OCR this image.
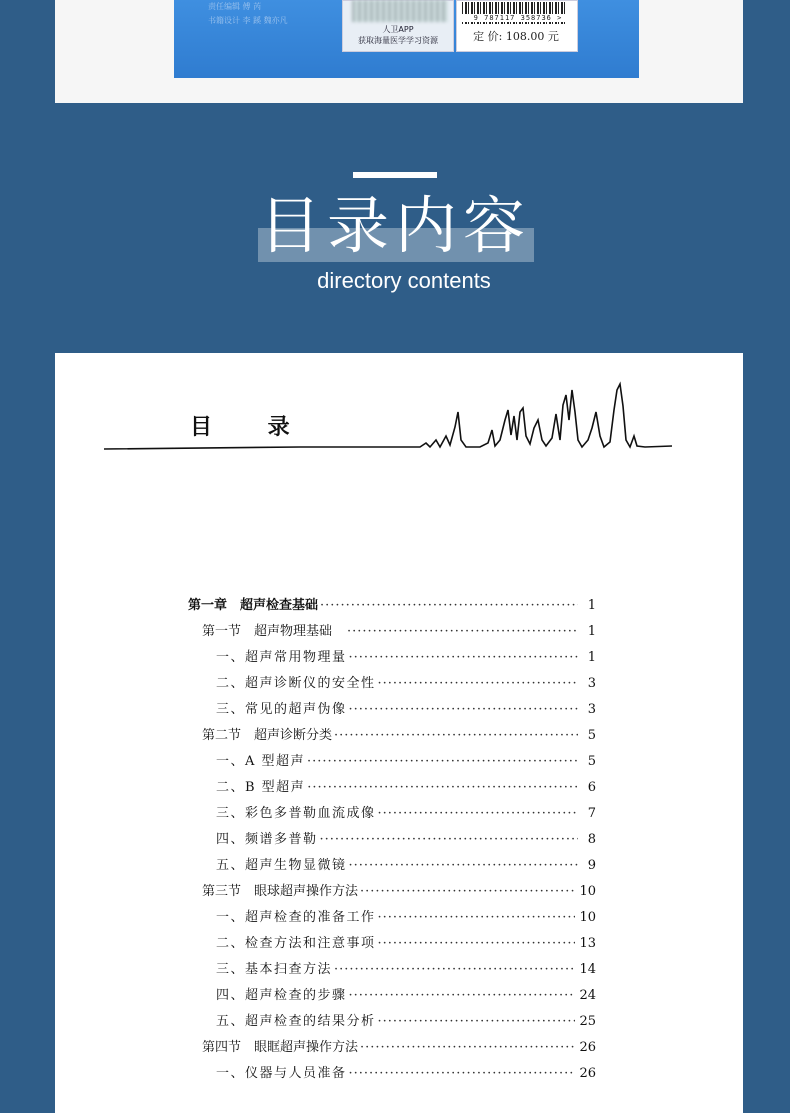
责任编辑 傅 芮
书籍设计 李 蹊 魏亦凡
人卫APP
获取海量医学学习资源
9 787117 358736 >
定 价: 108.00 元
目录内容
directory contents
目 录
第一章　超声检查基础 ·····	1
第一节　超声物理基础　 ·····	1
一、超声常用物理量 ·····	1
二、超声诊断仪的安全性 ·····	3
三、常见的超声伪像 ·····	3
第二节　超声诊断分类 ·····	5
一、A 型超声 ·····	5
二、B 型超声 ·····	6
三、彩色多普勒血流成像 ·····	7
四、频谱多普勒 ·····	8
五、超声生物显微镜 ·····	9
第三节　眼球超声操作方法 ·····	10
一、超声检查的准备工作 ·····	10
二、检查方法和注意事项 ·····	13
三、基本扫查方法 ·····	14
四、超声检查的步骤 ·····	24
五、超声检查的结果分析 ·····	25
第四节　眼眶超声操作方法 ·····	26
一、仪器与人员准备 ·····	26
